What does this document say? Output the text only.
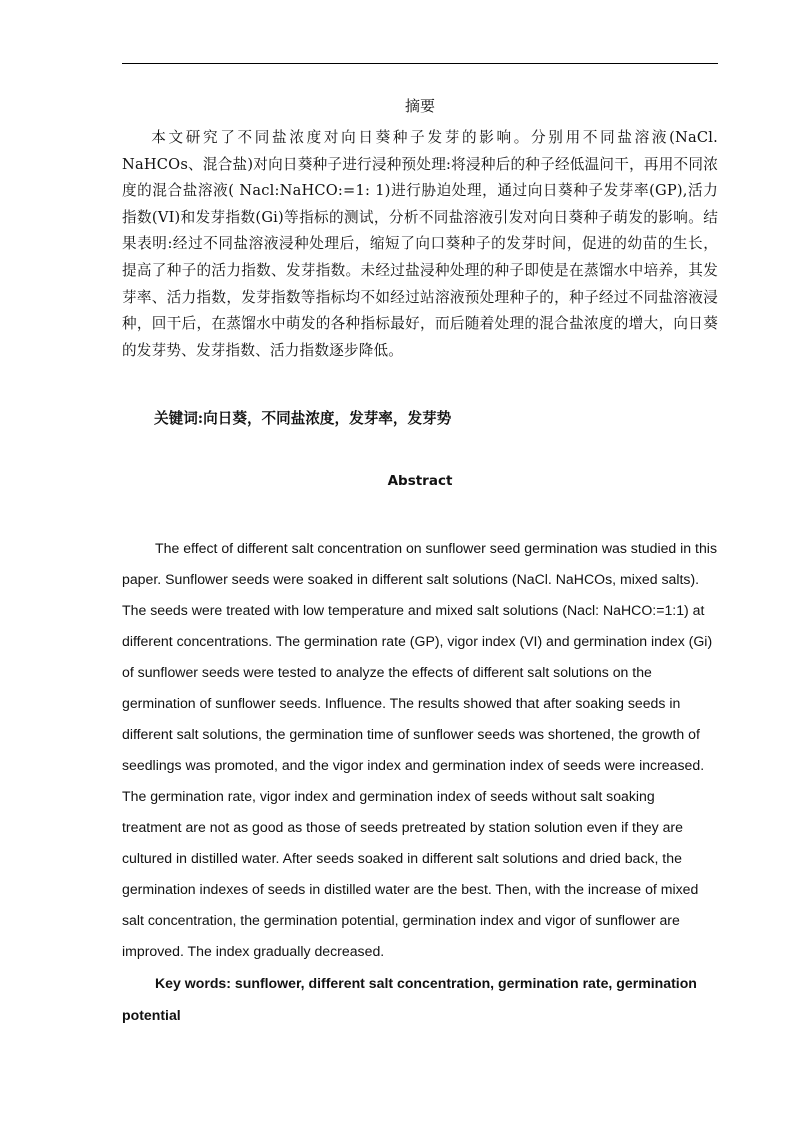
摘要

本文研究了不同盐浓度对向日葵种子发芽的影响。分别用不同盐溶液(NaCl. NaHCOs、混合盐)对向日葵种子进行浸种预处理:将浸种后的种子经低温问干，再用不同浓度的混合盐溶液( Nacl:NaHCO:=1: 1)进行胁迫处理，通过向日葵种子发芽率(GP),活力指数(VI)和发芽指数(Gi)等指标的测试，分析不同盐溶液引发对向日葵种子萌发的影响。结果表明:经过不同盐溶液浸种处理后，缩短了向口葵种子的发芽时间，促进的幼苗的生长，提高了种子的活力指数、发芽指数。未经过盐浸种处理的种子即使是在蒸馏水中培养，其发芽率、活力指数，发芽指数等指标均不如经过站溶液预处理种子的，种子经过不同盐溶液浸种，回干后，在蒸馏水中萌发的各种指标最好，而后随着处理的混合盐浓度的增大，向日葵的发芽势、发芽指数、活力指数逐步降低。

关键词:向日葵，不同盐浓度，发芽率，发芽势

Abstract

The effect of different salt concentration on sunflower seed germination was studied in this paper. Sunflower seeds were soaked in different salt solutions (NaCl. NaHCOs, mixed salts). The seeds were treated with low temperature and mixed salt solutions (Nacl: NaHCO:=1:1) at different concentrations. The germination rate (GP), vigor index (VI) and germination index (Gi) of sunflower seeds were tested to analyze the effects of different salt solutions on the germination of sunflower seeds. Influence. The results showed that after soaking seeds in different salt solutions, the germination time of sunflower seeds was shortened, the growth of seedlings was promoted, and the vigor index and germination index of seeds were increased. The germination rate, vigor index and germination index of seeds without salt soaking treatment are not as good as those of seeds pretreated by station solution even if they are cultured in distilled water. After seeds soaked in different salt solutions and dried back, the germination indexes of seeds in distilled water are the best. Then, with the increase of mixed salt concentration, the germination potential, germination index and vigor of sunflower are improved. The index gradually decreased.

Key words: sunflower, different salt concentration, germination rate, germination potential
